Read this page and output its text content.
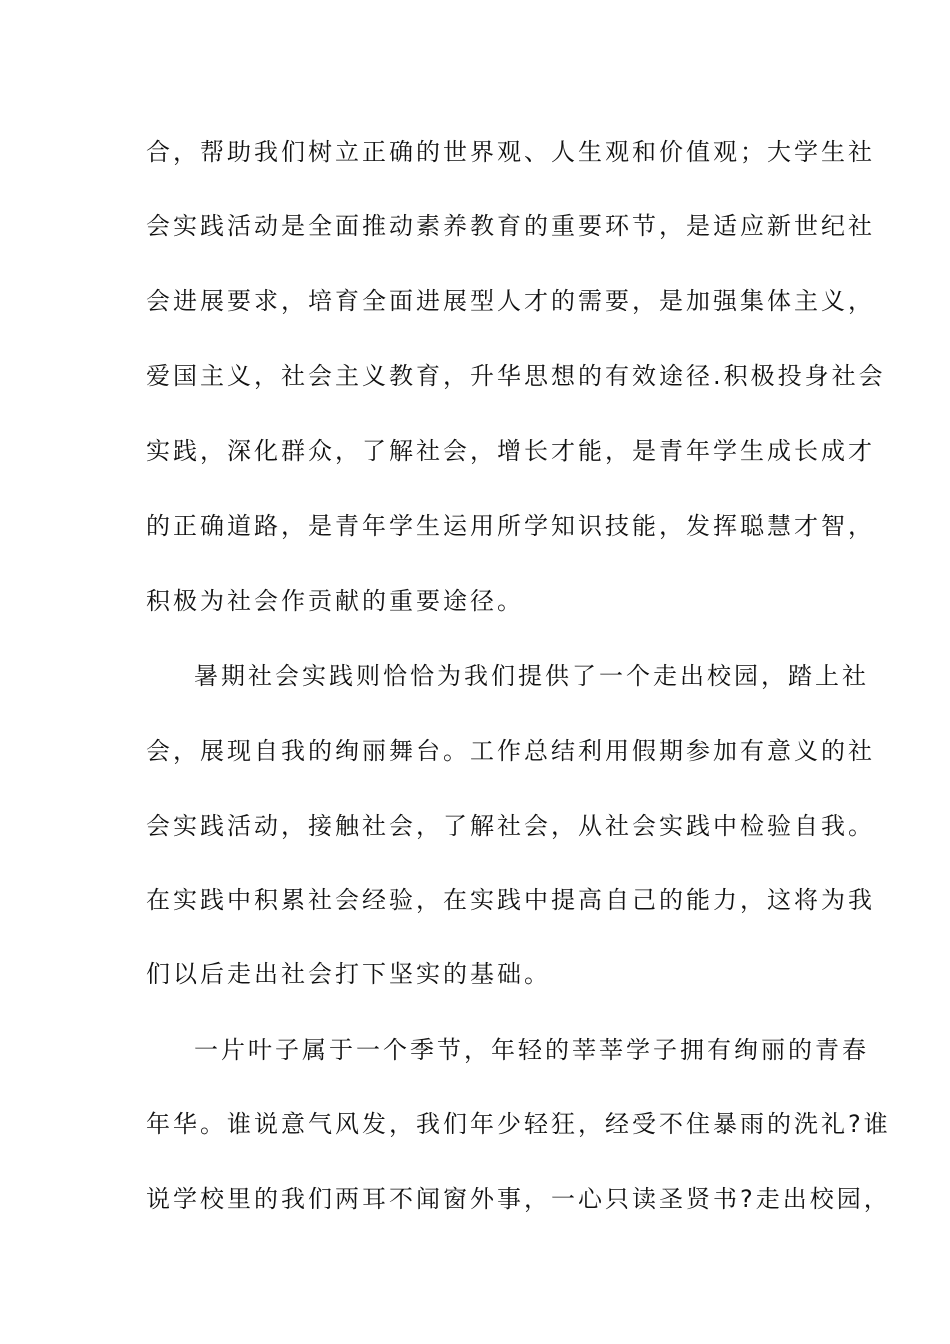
合，帮助我们树立正确的世界观、人生观和价值观；大学生社
会实践活动是全面推动素养教育的重要环节，是适应新世纪社
会进展要求，培育全面进展型人才的需要，是加强集体主义，
爱国主义，社会主义教育，升华思想的有效途径.积极投身社会
实践，深化群众，了解社会，增长才能，是青年学生成长成才
的正确道路，是青年学生运用所学知识技能，发挥聪慧才智，
积极为社会作贡献的重要途径。
暑期社会实践则恰恰为我们提供了一个走出校园，踏上社
会，展现自我的绚丽舞台。工作总结利用假期参加有意义的社
会实践活动，接触社会，了解社会，从社会实践中检验自我。
在实践中积累社会经验，在实践中提高自己的能力，这将为我
们以后走出社会打下坚实的基础。
一片叶子属于一个季节，年轻的莘莘学子拥有绚丽的青春
年华。谁说意气风发，我们年少轻狂，经受不住暴雨的洗礼?谁
说学校里的我们两耳不闻窗外事，一心只读圣贤书?走出校园，
